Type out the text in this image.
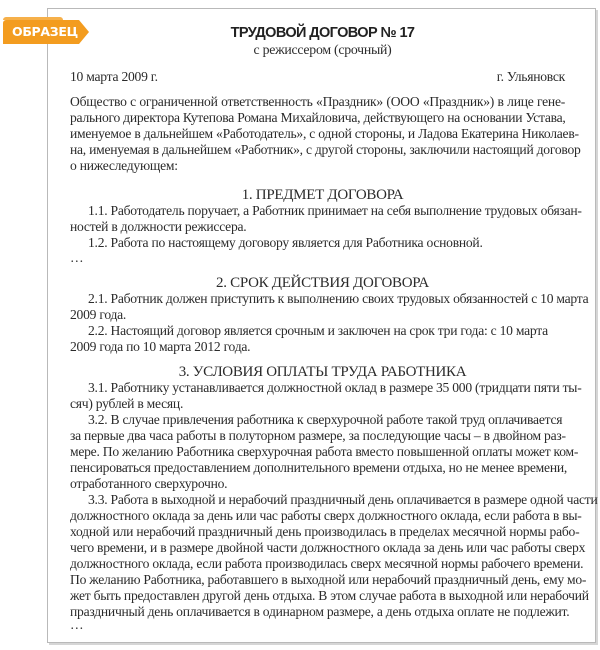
ОБРАЗЕЦ	ТРУДОВОЙ ДОГОВОР № 17
с режиссером (срочный)
10 марта 2009 г.	г. Ульяновск
Общество с ограниченной ответственность «Праздник» (ООО «Праздник») в лице гене-
рального директора Кутепова Романа Михайловича, действующего на основании Устава,
именуемое в дальнейшем «Работодатель», с одной стороны, и Ладова Екатерина Николаев-
на, именуемая в дальнейшем «Работник», с другой стороны, заключили настоящий договор
о нижеследующем:
1. ПРЕДМЕТ ДОГОВОРА
1.1. Работодатель поручает, а Работник принимает на себя выполнение трудовых обязан-
ностей в должности режиссера.
1.2. Работа по настоящему договору является для Работника основной.
…
2. СРОК ДЕЙСТВИЯ ДОГОВОРА
2.1. Работник должен приступить к выполнению своих трудовых обязанностей с 10 марта
2009 года.
2.2. Настоящий договор является срочным и заключен на срок три года: с 10 марта
2009 года по 10 марта 2012 года.
3. УСЛОВИЯ ОПЛАТЫ ТРУДА РАБОТНИКА
3.1. Работнику устанавливается должностной оклад в размере 35 000 (тридцати пяти ты-
сяч) рублей в месяц.
3.2. В случае привлечения работника к сверхурочной работе такой труд оплачивается
за первые два часа работы в полуторном размере, за последующие часы – в двойном раз-
мере. По желанию Работника сверхурочная работа вместо повышенной оплаты может ком-
пенсироваться предоставлением дополнительного времени отдыха, но не менее времени,
отработанного сверхурочно.
3.3. Работа в выходной и нерабочий праздничный день оплачивается в размере одной части
должностного оклада за день или час работы сверх должностного оклада, если работа в вы-
ходной или нерабочий праздничный день производилась в пределах месячной нормы рабо-
чего времени, и в размере двойной части должностного оклада за день или час работы сверх
должностного оклада, если работа производилась сверх месячной нормы рабочего времени.
По желанию Работника, работавшего в выходной или нерабочий праздничный день, ему мо-
жет быть предоставлен другой день отдыха. В этом случае работа в выходной или нерабочий
праздничный день оплачивается в одинарном размере, а день отдыха оплате не подлежит.
…
